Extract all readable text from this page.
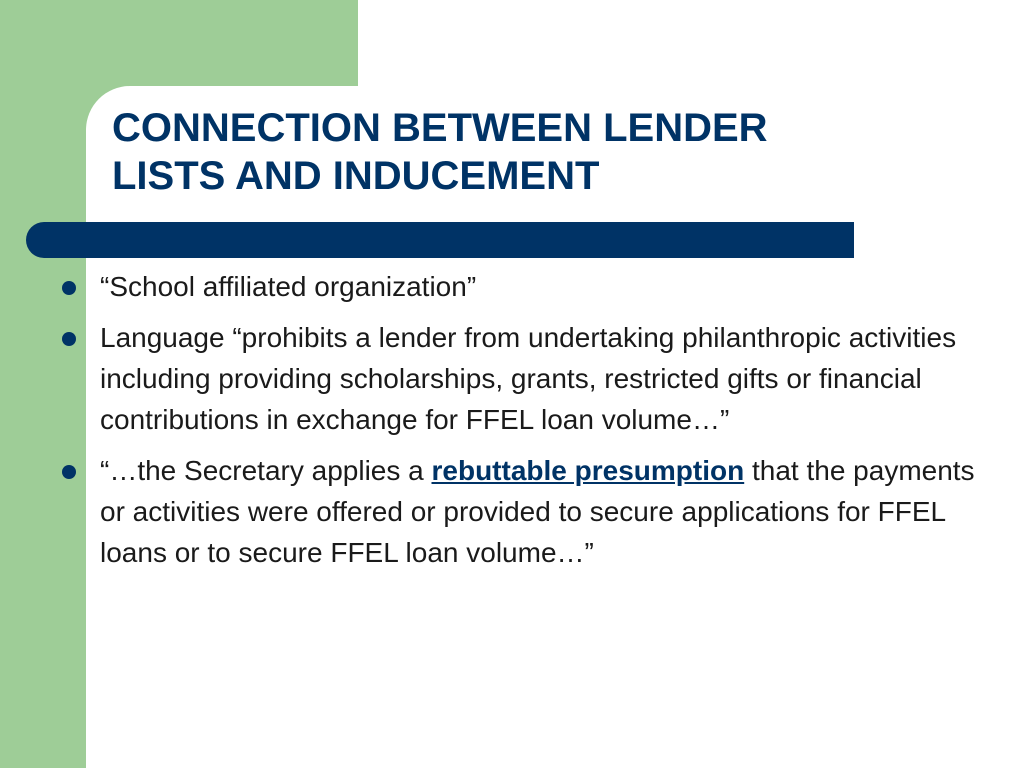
CONNECTION BETWEEN LENDER
LISTS AND INDUCEMENT
“School affiliated organization”
Language “prohibits a lender from undertaking philanthropic activities including providing scholarships, grants, restricted gifts or financial contributions in exchange for FFEL loan volume…”
“…the Secretary applies a rebuttable presumption that the payments or activities were offered or provided to secure applications for FFEL loans or to secure FFEL loan volume…”
